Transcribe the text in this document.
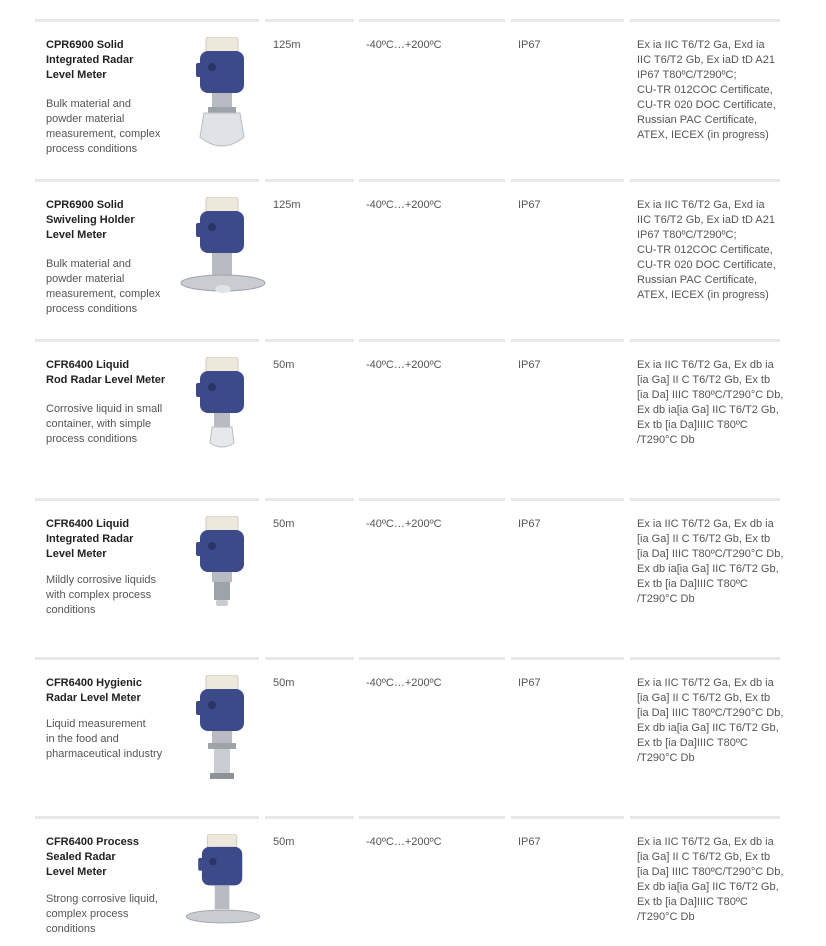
CPR6900 Solid
Integrated Radar
Level Meter
Bulk material and
powder material
measurement, complex
process conditions
125m	-40ºC…+200ºC	IP67	Ex ia IIC T6/T2 Ga, Exd ia
IIC T6/T2 Gb, Ex iaD tD A21
IP67 T80ºC/T290ºC;
CU-TR 012COC Certificate,
CU-TR 020 DOC Certificate,
Russian PAC Certificate,
ATEX, IECEX (in progress)
CPR6900 Solid
Swiveling Holder
Level Meter
Bulk material and
powder material
measurement, complex
process conditions
125m	-40ºC…+200ºC	IP67	Ex ia IIC T6/T2 Ga, Exd ia
IIC T6/T2 Gb, Ex iaD tD A21
IP67 T80ºC/T290ºC;
CU-TR 012COC Certificate,
CU-TR 020 DOC Certificate,
Russian PAC Certificate,
ATEX, IECEX (in progress)
CFR6400 Liquid
Rod Radar Level Meter
Corrosive liquid in small
container, with simple
process conditions
50m	-40ºC…+200ºC	IP67	Ex ia IIC T6/T2 Ga, Ex db ia
[ia Ga] II C T6/T2 Gb, Ex tb
[ia Da] IIIC T80ºC/T290°C Db,
Ex db ia[ia Ga] IIC T6/T2 Gb,
Ex tb [ia Da]IIIC T80ºC
/T290°C Db
CFR6400 Liquid
Integrated Radar
Level Meter
Mildly corrosive liquids
with complex process
conditions
50m	-40ºC…+200ºC	IP67	Ex ia IIC T6/T2 Ga, Ex db ia
[ia Ga] II C T6/T2 Gb, Ex tb
[ia Da] IIIC T80ºC/T290°C Db,
Ex db ia[ia Ga] IIC T6/T2 Gb,
Ex tb [ia Da]IIIC T80ºC
/T290°C Db
CFR6400 Hygienic
Radar Level Meter
Liquid measurement
in the food and
pharmaceutical industry
50m	-40ºC…+200ºC	IP67	Ex ia IIC T6/T2 Ga, Ex db ia
[ia Ga] II C T6/T2 Gb, Ex tb
[ia Da] IIIC T80ºC/T290°C Db,
Ex db ia[ia Ga] IIC T6/T2 Gb,
Ex tb [ia Da]IIIC T80ºC
/T290°C Db
CFR6400 Process
Sealed Radar
Level Meter
Strong corrosive liquid,
complex process
conditions
50m	-40ºC…+200ºC	IP67	Ex ia IIC T6/T2 Ga, Ex db ia
[ia Ga] II C T6/T2 Gb, Ex tb
[ia Da] IIIC T80ºC/T290°C Db,
Ex db ia[ia Ga] IIC T6/T2 Gb,
Ex tb [ia Da]IIIC T80ºC
/T290°C Db
